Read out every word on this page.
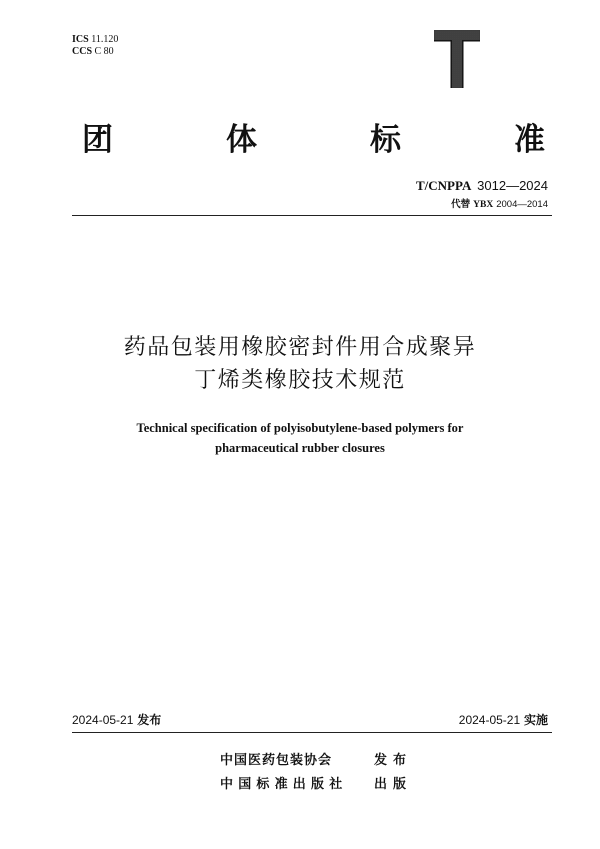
ICS 11.120
CCS C 80
团	体	标	准
T/CNPPA 3012—2024
代替 YBX 2004—2014
药品包装用橡胶密封件用合成聚异
丁烯类橡胶技术规范
Technical specification of polyisobutylene-based polymers for
pharmaceutical rubber closures
2024-05-21 发布	2024-05-21 实施
中国医药包装协会	发布
中国标准出版社 出版
